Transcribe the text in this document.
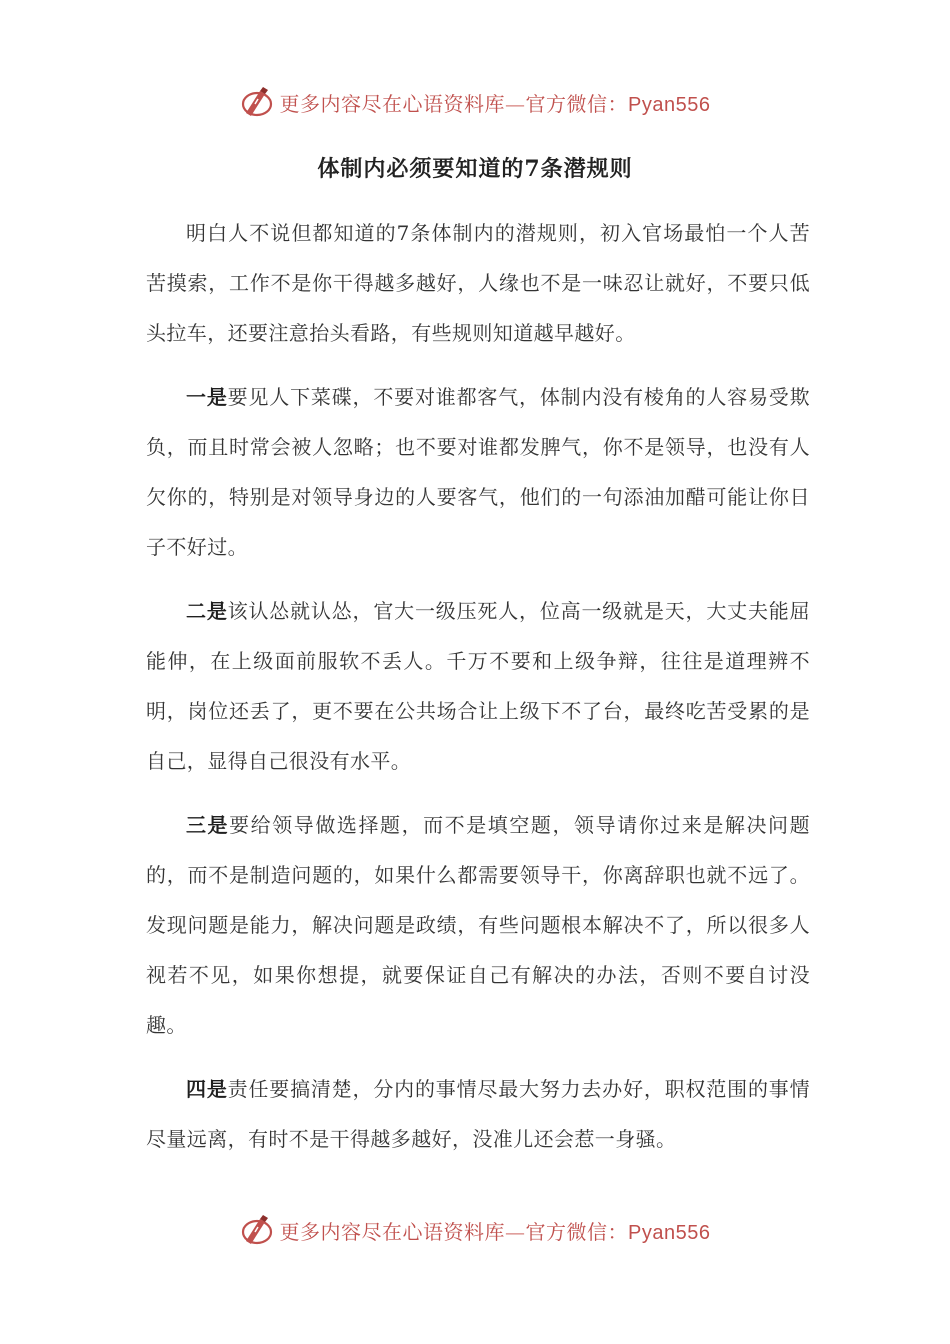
更多内容尽在心语资料库—官方微信：Pyan556
体制内必须要知道的7条潜规则

明白人不说但都知道的7条体制内的潜规则，初入官场最怕一个人苦苦摸索，工作不是你干得越多越好，人缘也不是一味忍让就好，不要只低头拉车，还要注意抬头看路，有些规则知道越早越好。

一是要见人下菜碟，不要对谁都客气，体制内没有棱角的人容易受欺负，而且时常会被人忽略；也不要对谁都发脾气，你不是领导，也没有人欠你的，特别是对领导身边的人要客气，他们的一句添油加醋可能让你日子不好过。

二是该认怂就认怂，官大一级压死人，位高一级就是天，大丈夫能屈能伸，在上级面前服软不丢人。千万不要和上级争辩，往往是道理辨不明，岗位还丢了，更不要在公共场合让上级下不了台，最终吃苦受累的是自己，显得自己很没有水平。

三是要给领导做选择题，而不是填空题，领导请你过来是解决问题的，而不是制造问题的，如果什么都需要领导干，你离辞职也就不远了。发现问题是能力，解决问题是政绩，有些问题根本解决不了，所以很多人视若不见，如果你想提，就要保证自己有解决的办法，否则不要自讨没趣。

四是责任要搞清楚，分内的事情尽最大努力去办好，职权范围的事情尽量远离，有时不是干得越多越好，没准儿还会惹一身骚。

更多内容尽在心语资料库—官方微信：Pyan556
